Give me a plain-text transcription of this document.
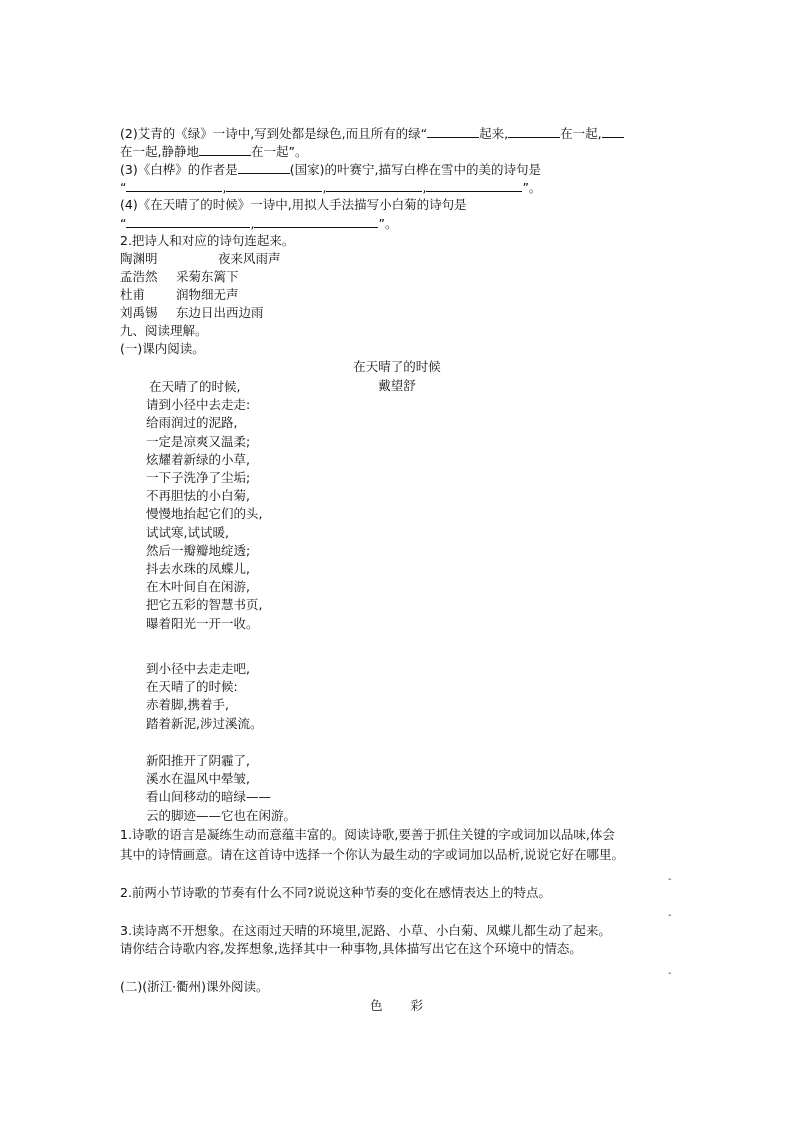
(2)艾青的《绿》一诗中,写到处都是绿色,而且所有的绿“	起来,	在一起,
在一起,静静地	在一起”。
(3)《白桦》的作者是	(国家)的叶赛宁,描写白桦在雪中的美的诗句是
“	,	,	,	”。
(4)《在天晴了的时候》一诗中,用拟人手法描写小白菊的诗句是
“	,	”。
2.把诗人和对应的诗句连起来。
陶渊明	夜来风雨声
孟浩然 采菊东篱下
杜甫 润物细无声
刘禹锡 东边日出西边雨
九、阅读理解。
(一)课内阅读。
在天晴了的时候
戴望舒
在天晴了的时候,
请到小径中去走走:
给雨润过的泥路,
一定是凉爽又温柔;
炫耀着新绿的小草,
一下子洗净了尘垢;
不再胆怯的小白菊,
慢慢地抬起它们的头,
试试寒,试试暖,
然后一瓣瓣地绽透;
抖去水珠的凤蝶儿,
在木叶间自在闲游,
把它五彩的智慧书页,
曝着阳光一开一收。
到小径中去走走吧,
在天晴了的时候:
赤着脚,携着手,
踏着新泥,涉过溪流。
新阳推开了阴霾了,
溪水在温风中晕皱,
看山间移动的暗绿——
云的脚迹——它也在闲游。
1.诗歌的语言是凝练生动而意蕴丰富的。阅读诗歌,要善于抓住关键的字或词加以品味,体会
其中的诗情画意。请在这首诗中选择一个你认为最生动的字或词加以品析,说说它好在哪里。
-
2.前两小节诗歌的节奏有什么不同?说说这种节奏的变化在感情表达上的特点。
-
3.读诗离不开想象。在这雨过天晴的环境里,泥路、小草、小白菊、凤蝶儿都生动了起来。
请你结合诗歌内容,发挥想象,选择其中一种事物,具体描写出它在这个环境中的情态。
-
(二)(浙江·衢州)课外阅读。
色　　彩
